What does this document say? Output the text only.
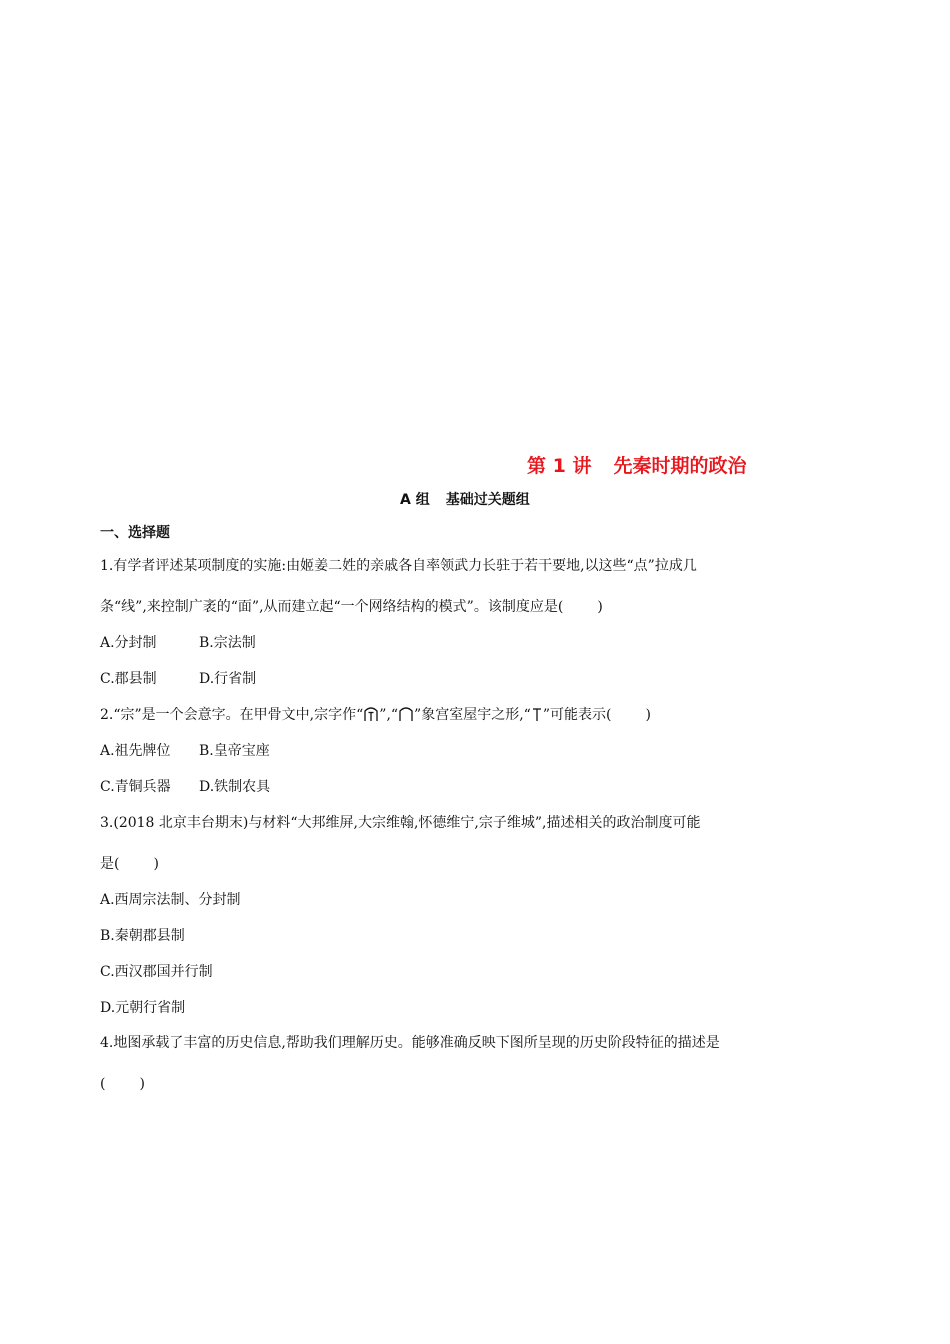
第 1 讲 先秦时期的政治
A 组 基础过关题组
一、选择题
1.有学者评述某项制度的实施:由姬姜二姓的亲戚各自率领武力长驻于若干要地,以这些“点”拉成几
条“线”,来控制广袤的“面”,从而建立起“一个网络结构的模式”。该制度应是( )
A.分封制	B.宗法制
C.郡县制	D.行省制
2.“宗”是一个会意字。在甲骨文中,宗字作“ ”,“ ”象宫室屋宇之形,“ ”可能表示( )
A.祖先牌位 B.皇帝宝座
C.青铜兵器 D.铁制农具
3.(2018 北京丰台期末)与材料“大邦维屏,大宗维翰,怀德维宁,宗子维城”,描述相关的政治制度可能
是( )
A.西周宗法制、分封制
B.秦朝郡县制
C.西汉郡国并行制
D.元朝行省制
4.地图承载了丰富的历史信息,帮助我们理解历史。能够准确反映下图所呈现的历史阶段特征的描述是
( )
